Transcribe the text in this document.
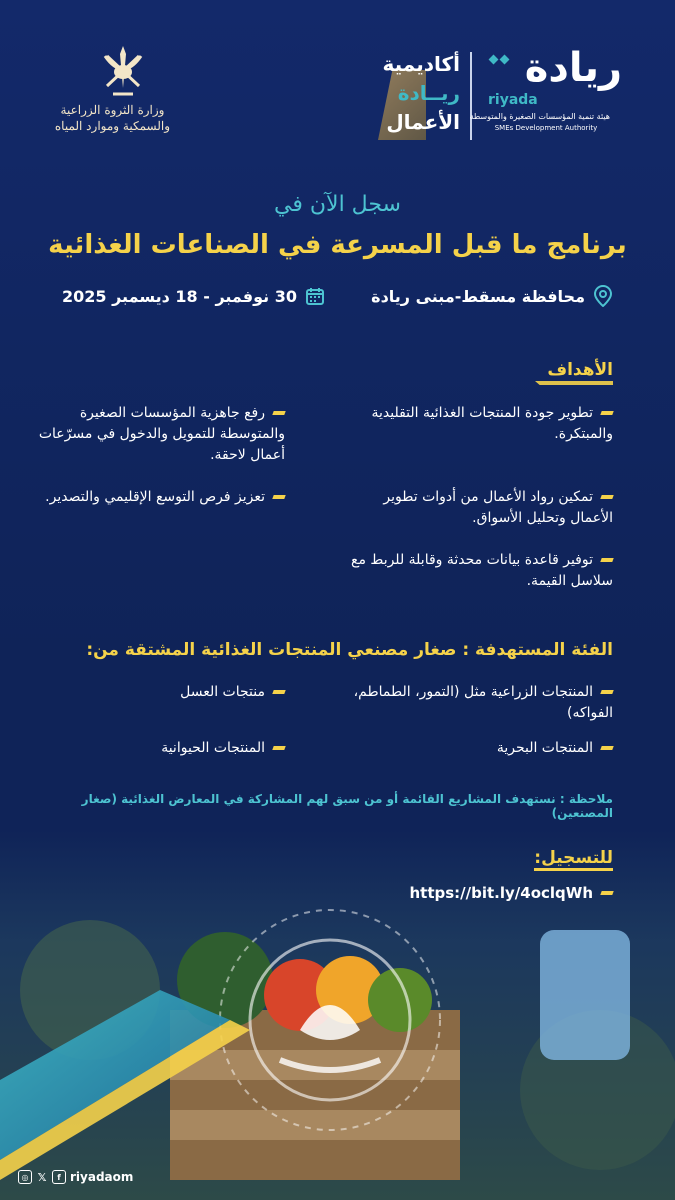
وزارة الثروة الزراعية
والسمكية وموارد المياه
أكاديمية
ريــادة
الأعمال
ريادة
riyada
هيئة تنمية المؤسسات الصغيرة والمتوسطة
SMEs Development Authority
سجل الآن في
برنامج ما قبل المسرعة في الصناعات الغذائية
محافظة مسقط-مبنى ريادة
30 نوفمبر - 18 ديسمبر 2025
الأهداف
تطوير جودة المنتجات الغذائية التقليدية والمبتكرة.
تمكين رواد الأعمال من أدوات تطوير الأعمال وتحليل الأسواق.
توفير قاعدة بيانات محدثة وقابلة للربط مع سلاسل القيمة.
رفع جاهزية المؤسسات الصغيرة والمتوسطة للتمويل والدخول في مسرّعات أعمال لاحقة.
تعزيز فرص التوسع الإقليمي والتصدير.
الفئة المستهدفة : صغار مصنعي المنتجات الغذائية المشتقة من:
المنتجات الزراعية مثل (التمور، الطماطم، الفواكه)
المنتجات البحرية
منتجات العسل
المنتجات الحيوانية
ملاحظة : نستهدف المشاريع القائمة أو من سبق لهم المشاركة في المعارض الغذائية (صغار المصنعين)
للتسجيل:
https://bit.ly/4oclqWh
◎ 𝕏	f riyadaom
